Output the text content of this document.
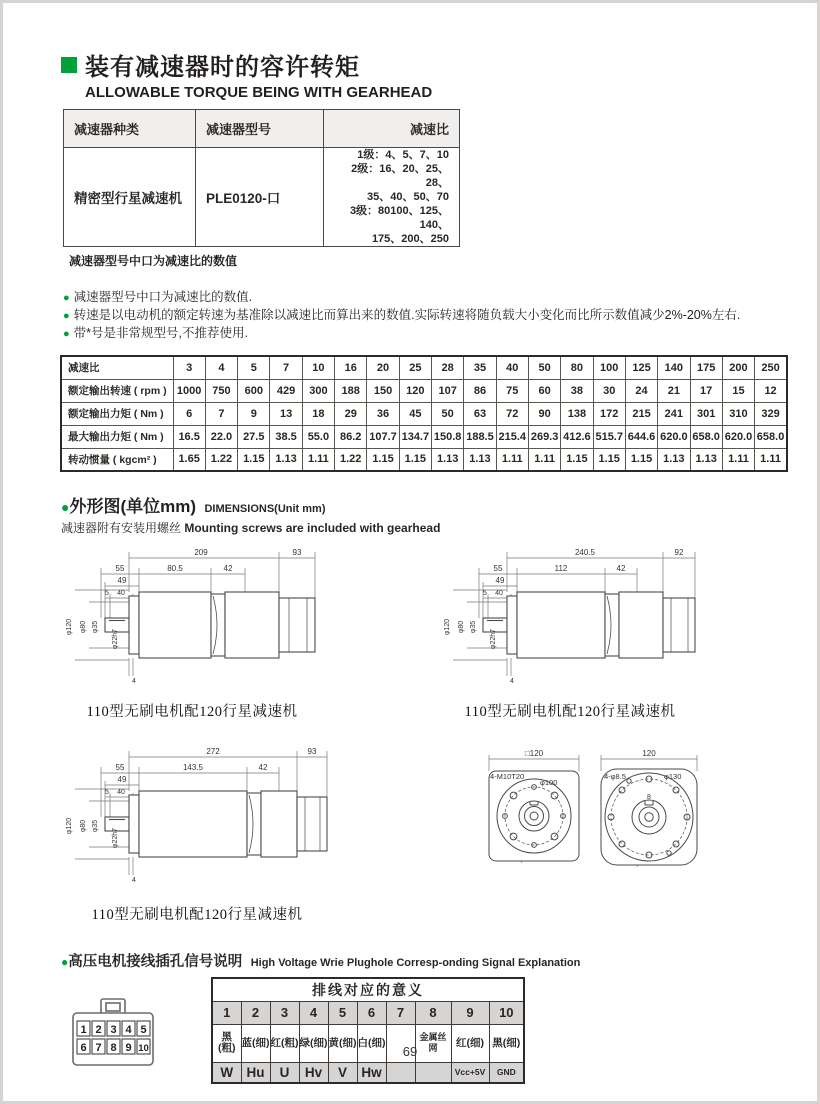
装有减速器时的容许转矩
ALLOWABLE TORQUE BEING WITH GEARHEAD
减速器种类	减速器型号	减速比
精密型行星减速机	PLE0120-口	1级：4、5、7、10
2级：16、20、25、28、
35、40、50、70
3级：80100、125、140、
175、200、250
减速器型号中口为减速比的数值
● 减速器型号中口为减速比的数值.
● 转速是以电动机的额定转速为基准除以减速比而算出来的数值.实际转速将随负载大小变化而比所示数值减少2%-20%左右.
● 带*号是非常规型号,不推荐使用.
减速比	3	4	5	7	10	16	20	25	28	35	40	50	80	100	125	140	175	200	250
额定输出转速 ( rpm )	1000	750	600	429	300	188	150	120	107	86	75	60	38	30	24	21	17	15	12
额定输出力矩 ( Nm )	6	7	9	13	18	29	36	45	50	63	72	90	138	172	215	241	301	310	329
最大输出力矩 ( Nm )	16.5	22.0	27.5	38.5	55.0	86.2	107.7	134.7	150.8	188.5	215.4	269.3	412.6	515.7	644.6	620.0	658.0	620.0	658.0
转动惯量 ( kgcm² )	1.65	1.22	1.15	1.13	1.11	1.22	1.15	1.15	1.13	1.13	1.11	1.11	1.15	1.15	1.15	1.13	1.13	1.11	1.11
●外形图(单位mm) DIMENSIONS(Unit mm)
减速器附有安装用螺丝 Mounting screws are included with gearhead
209	93
55	80.5	42
49
5 40
4
φ120 φ80 φ35
φ22h7
110型无刷电机配120行星减速机
240.5	92
55	112	42
49
5 40
4
φ120 φ80 φ35
φ22h7
110型无刷电机配120行星减速机
272	93
55	143.5	42
49
5 40
4
φ120 φ80 φ35
φ22h7
110型无刷电机配120行星减速机
□120
4-M10T20
φ100
120
4-φ8.5	φ130
8
●高压电机接线插孔信号说明 High Voltage Wrie Plughole Corresp-onding Signal Explanation
1 2 3 4 5
6 7 8 9 10
排线对应的意义									
1	2	3	4	5	6	7	8	9	10
黑(粗)	蓝(细)	红(粗)	绿(细)	黄(细)	白(细)		金属丝网	红(细)	黑(细)
W	Hu	U	Hv	V	Hw			Vcc+5V	GND
69
